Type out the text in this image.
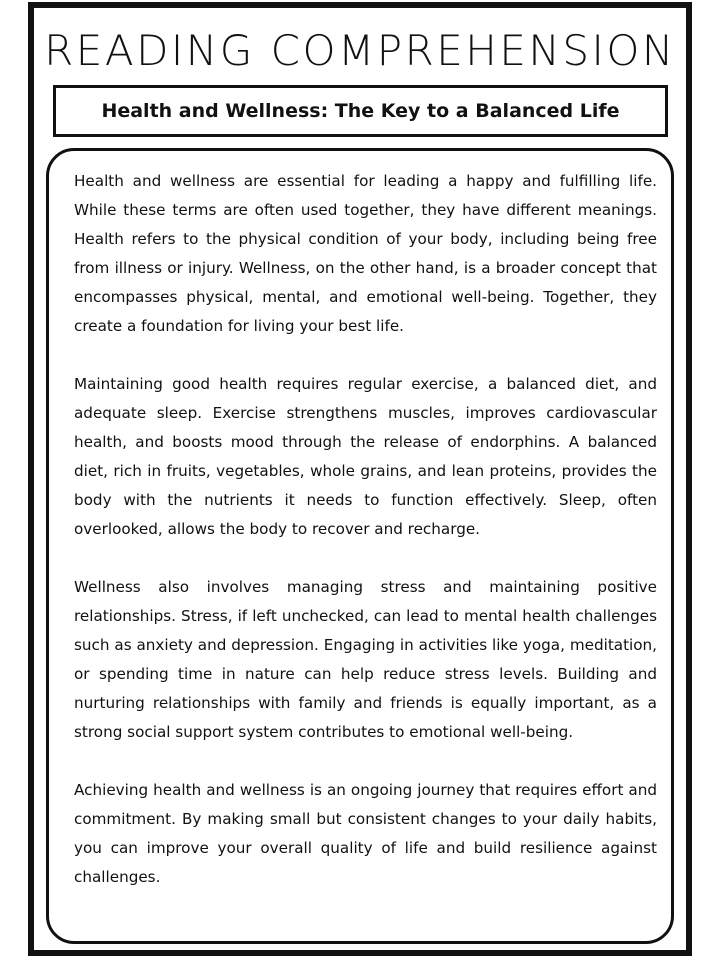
READING COMPREHENSION
Health and Wellness: The Key to a Balanced Life

Health and wellness are essential for leading a happy and fulfilling life. While these terms are often used together, they have different meanings. Health refers to the physical condition of your body, including being free from illness or injury. Wellness, on the other hand, is a broader concept that encompasses physical, mental, and emotional well-being. Together, they create a foundation for living your best life.

Maintaining good health requires regular exercise, a balanced diet, and adequate sleep. Exercise strengthens muscles, improves cardiovascular health, and boosts mood through the release of endorphins. A balanced diet, rich in fruits, vegetables, whole grains, and lean proteins, provides the body with the nutrients it needs to function effectively. Sleep, often overlooked, allows the body to recover and recharge.

Wellness also involves managing stress and maintaining positive relationships. Stress, if left unchecked, can lead to mental health challenges such as anxiety and depression. Engaging in activities like yoga, meditation, or spending time in nature can help reduce stress levels. Building and nurturing relationships with family and friends is equally important, as a strong social support system contributes to emotional well-being.

Achieving health and wellness is an ongoing journey that requires effort and commitment. By making small but consistent changes to your daily habits, you can improve your overall quality of life and build resilience against challenges.
